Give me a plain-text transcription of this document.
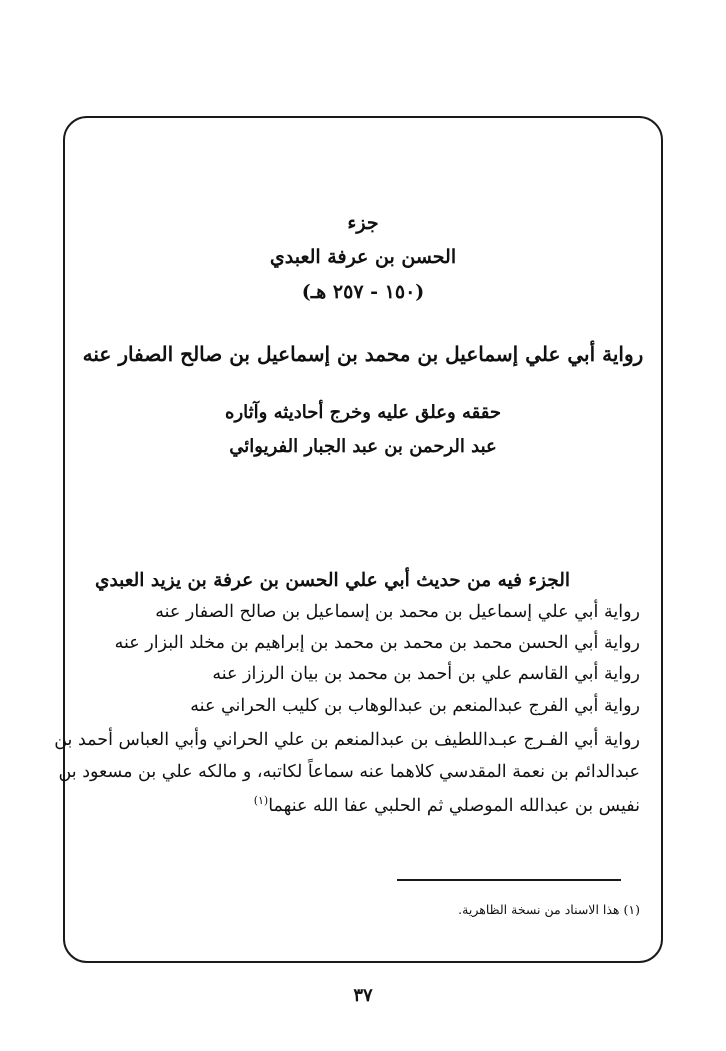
جزء
الحسن بن عرفة العبدي
(١٥٠ - ٢٥٧ هـ)
رواية أبي علي إسماعيل بن محمد بن إسماعيل بن صالح الصفار عنه
حققه وعلق عليه وخرج أحاديثه وآثاره
عبد الرحمن بن عبد الجبار الفريوائي
الجزء فيه من حديث أبي علي الحسن بن عرفة بن يزيد العبدي
رواية أبي علي إسماعيل بن محمد بن إسماعيل بن صالح الصفار عنه
رواية أبي الحسن محمد بن محمد بن محمد بن إبراهيم بن مخلد البزار عنه
رواية أبي القاسم علي بن أحمد بن محمد بن بيان الرزاز عنه
رواية أبي الفرج عبدالمنعم بن عبدالوهاب بن كليب الحراني عنه
رواية أبي الفـرج عبـداللطيف بن عبدالمنعم بن علي الحراني وأبي العباس أحمد بن
عبدالدائم بن نعمة المقدسي كلاهما عنه سماعاً لكاتبه، و مالكه علي بن مسعود بن
نفيس بن عبدالله الموصلي ثم الحلبي عفا الله عنهما$^{(١)}$
(١) هذا الاسناد من نسخة الظاهرية.
٣٧
